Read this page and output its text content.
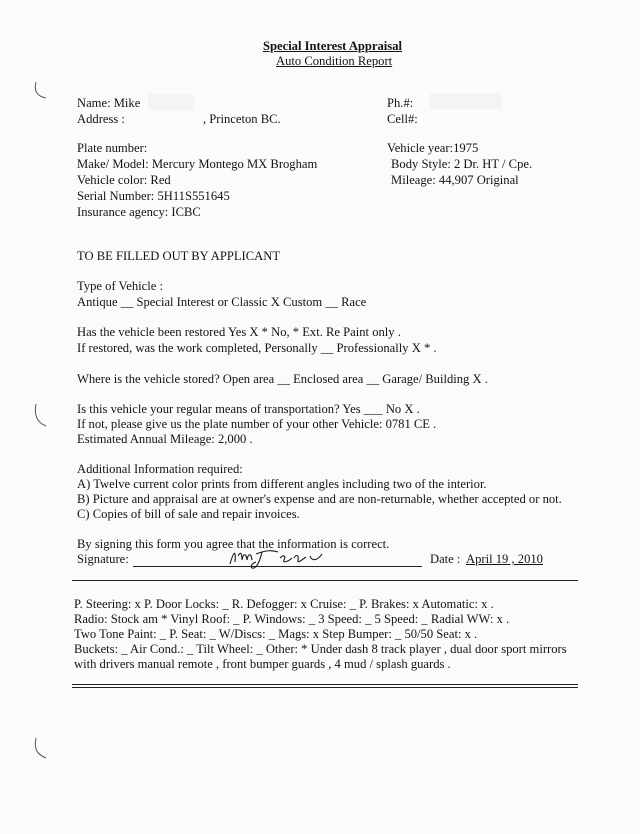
Special Interest Appraisal
Auto Condition Report
Name: Mike
Address :	, Princeton BC.
Ph.#:
Cell#:
Plate number:
Make/ Model: Mercury Montego MX Brogham
Vehicle color: Red
Serial Number: 5H11S551645
Insurance agency: ICBC
Vehicle year:1975
Body Style: 2 Dr. HT / Cpe.
Mileage: 44,907 Original
TO BE FILLED OUT BY APPLICANT
Type of Vehicle :
Antique __ Special Interest or Classic X Custom __ Race
Has the vehicle been restored Yes X * No, * Ext. Re Paint only .
If restored, was the work completed, Personally __ Professionally X * .
Where is the vehicle stored? Open area __ Enclosed area __ Garage/ Building X .
Is this vehicle your regular means of transportation? Yes ___ No X .
If not, please give us the plate number of your other Vehicle: 0781 CE .
Estimated Annual Mileage: 2,000 .
Additional Information required:
A) Twelve current color prints from different angles including two of the interior.
B) Picture and appraisal are at owner's expense and are non-returnable, whether accepted or not.
C) Copies of bill of sale and repair invoices.
By signing this form you agree that the information is correct.
Signature:	Date : April 19 , 2010
P. Steering: x P. Door Locks: _ R. Defogger: x Cruise: _ P. Brakes: x Automatic: x .
Radio: Stock am * Vinyl Roof: _ P. Windows: _ 3 Speed: _ 5 Speed: _ Radial WW: x .
Two Tone Paint: _ P. Seat: _ W/Discs: _ Mags: x Step Bumper: _ 50/50 Seat: x .
Buckets: _ Air Cond.: _ Tilt Wheel: _ Other: * Under dash 8 track player , dual door sport mirrors
with drivers manual remote , front bumper guards , 4 mud / splash guards .
